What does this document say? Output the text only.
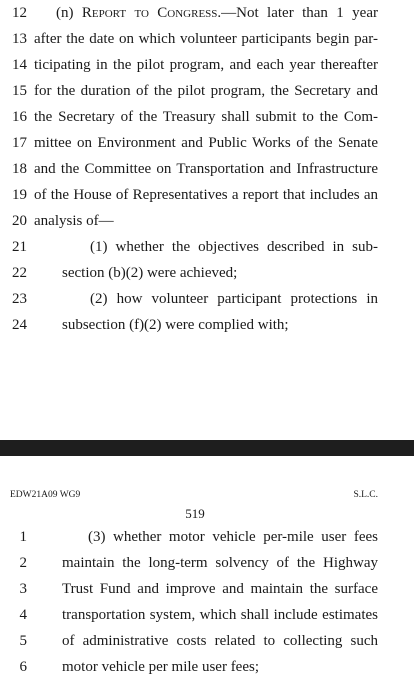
12 (n) Report to Congress.—Not later than 1 year
13 after the date on which volunteer participants begin par-
14 ticipating in the pilot program, and each year thereafter
15 for the duration of the pilot program, the Secretary and
16 the Secretary of the Treasury shall submit to the Com-
17 mittee on Environment and Public Works of the Senate
18 and the Committee on Transportation and Infrastructure
19 of the House of Representatives a report that includes an
20 analysis of—
21	(1) whether the objectives described in sub-
22 section (b)(2) were achieved;
23	(2) how volunteer participant protections in
24 subsection (f)(2) were complied with;
EDW21A09 WG9	S.L.C.
519
1	(3) whether motor vehicle per-mile user fees
2 maintain the long-term solvency of the Highway
3 Trust Fund and improve and maintain the surface
4 transportation system, which shall include estimates
5 of administrative costs related to collecting such
6 motor vehicle per mile user fees;
